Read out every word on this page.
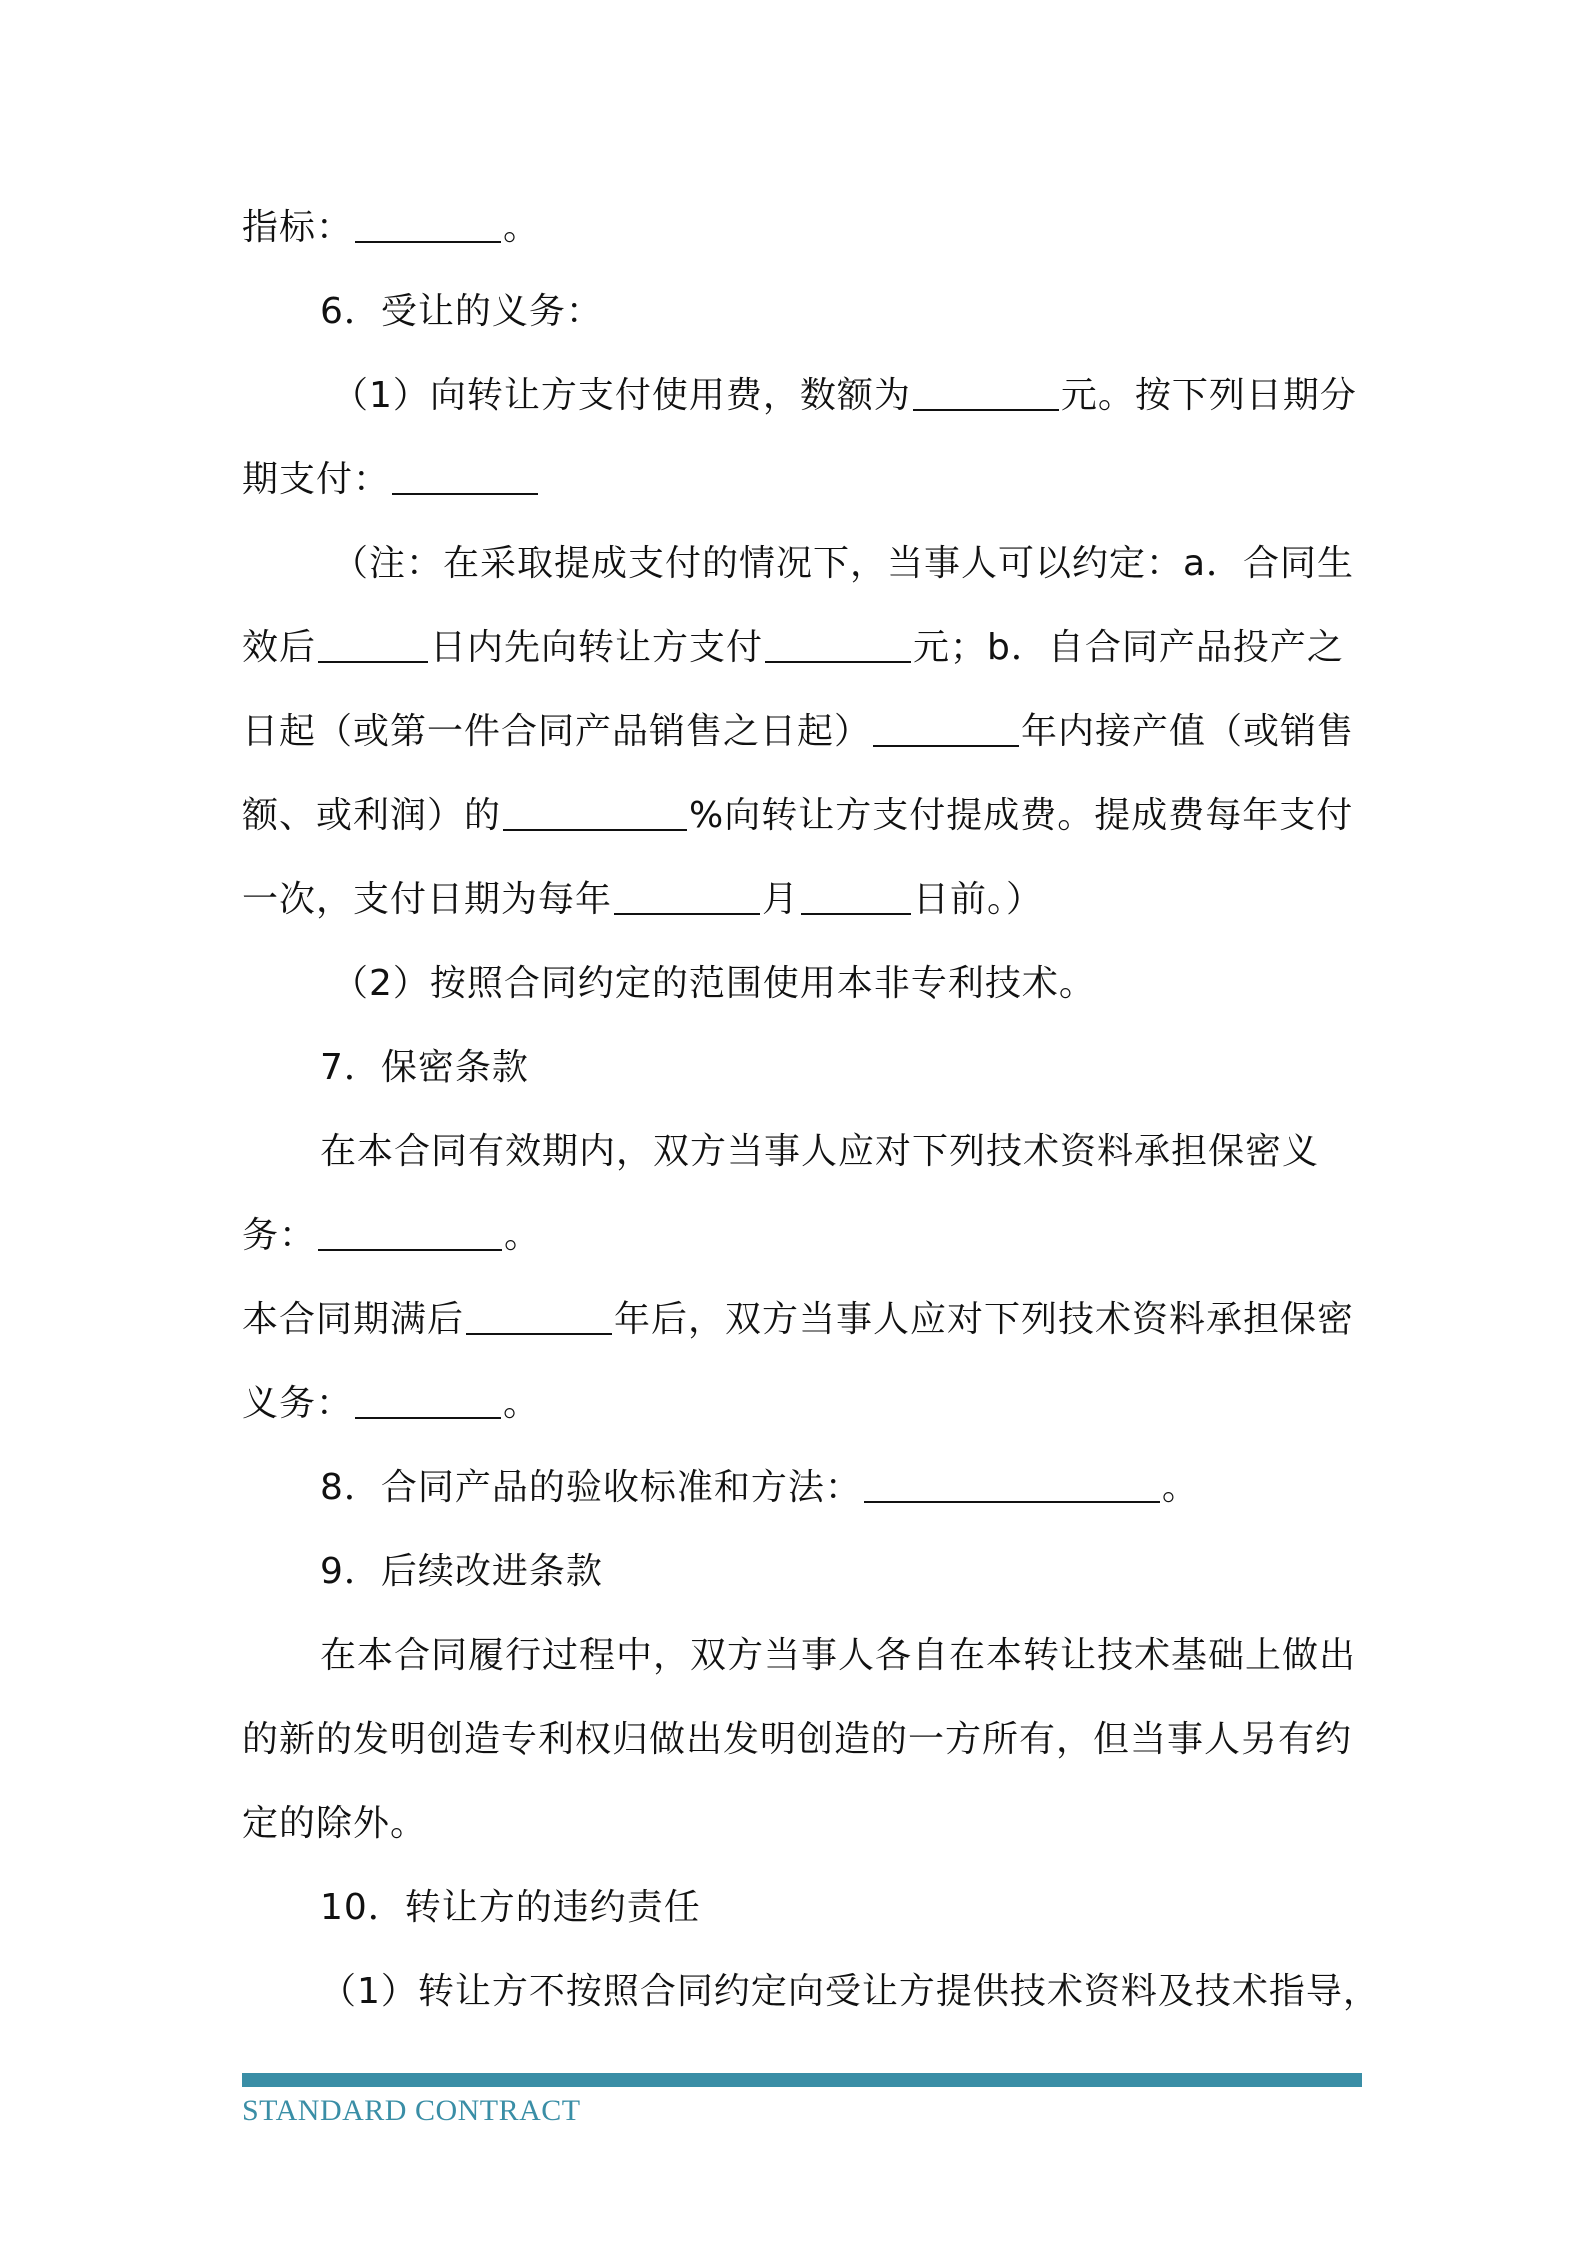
指标：	。
6．受让的义务：
（1）向转让方支付使用费，数额为	元。按下列日期分
期支付：
（注：在采取提成支付的情况下，当事人可以约定：a．合同生
效后	日内先向转让方支付	元；b．自合同产品投产之
日起（或第一件合同产品销售之日起）	年内接产值（或销售
额、或利润）的	%向转让方支付提成费。提成费每年支付
一次，支付日期为每年	月	日前。）
（2）按照合同约定的范围使用本非专利技术。
7．保密条款
在本合同有效期内，双方当事人应对下列技术资料承担保密义
务：	。
本合同期满后	年后，双方当事人应对下列技术资料承担保密
义务：	。
8．合同产品的验收标准和方法：	。
9．后续改进条款
在本合同履行过程中，双方当事人各自在本转让技术基础上做出
的新的发明创造专利权归做出发明创造的一方所有，但当事人另有约
定的除外。
10．转让方的违约责任
（1）转让方不按照合同约定向受让方提供技术资料及技术指导，
STANDARD CONTRACT
